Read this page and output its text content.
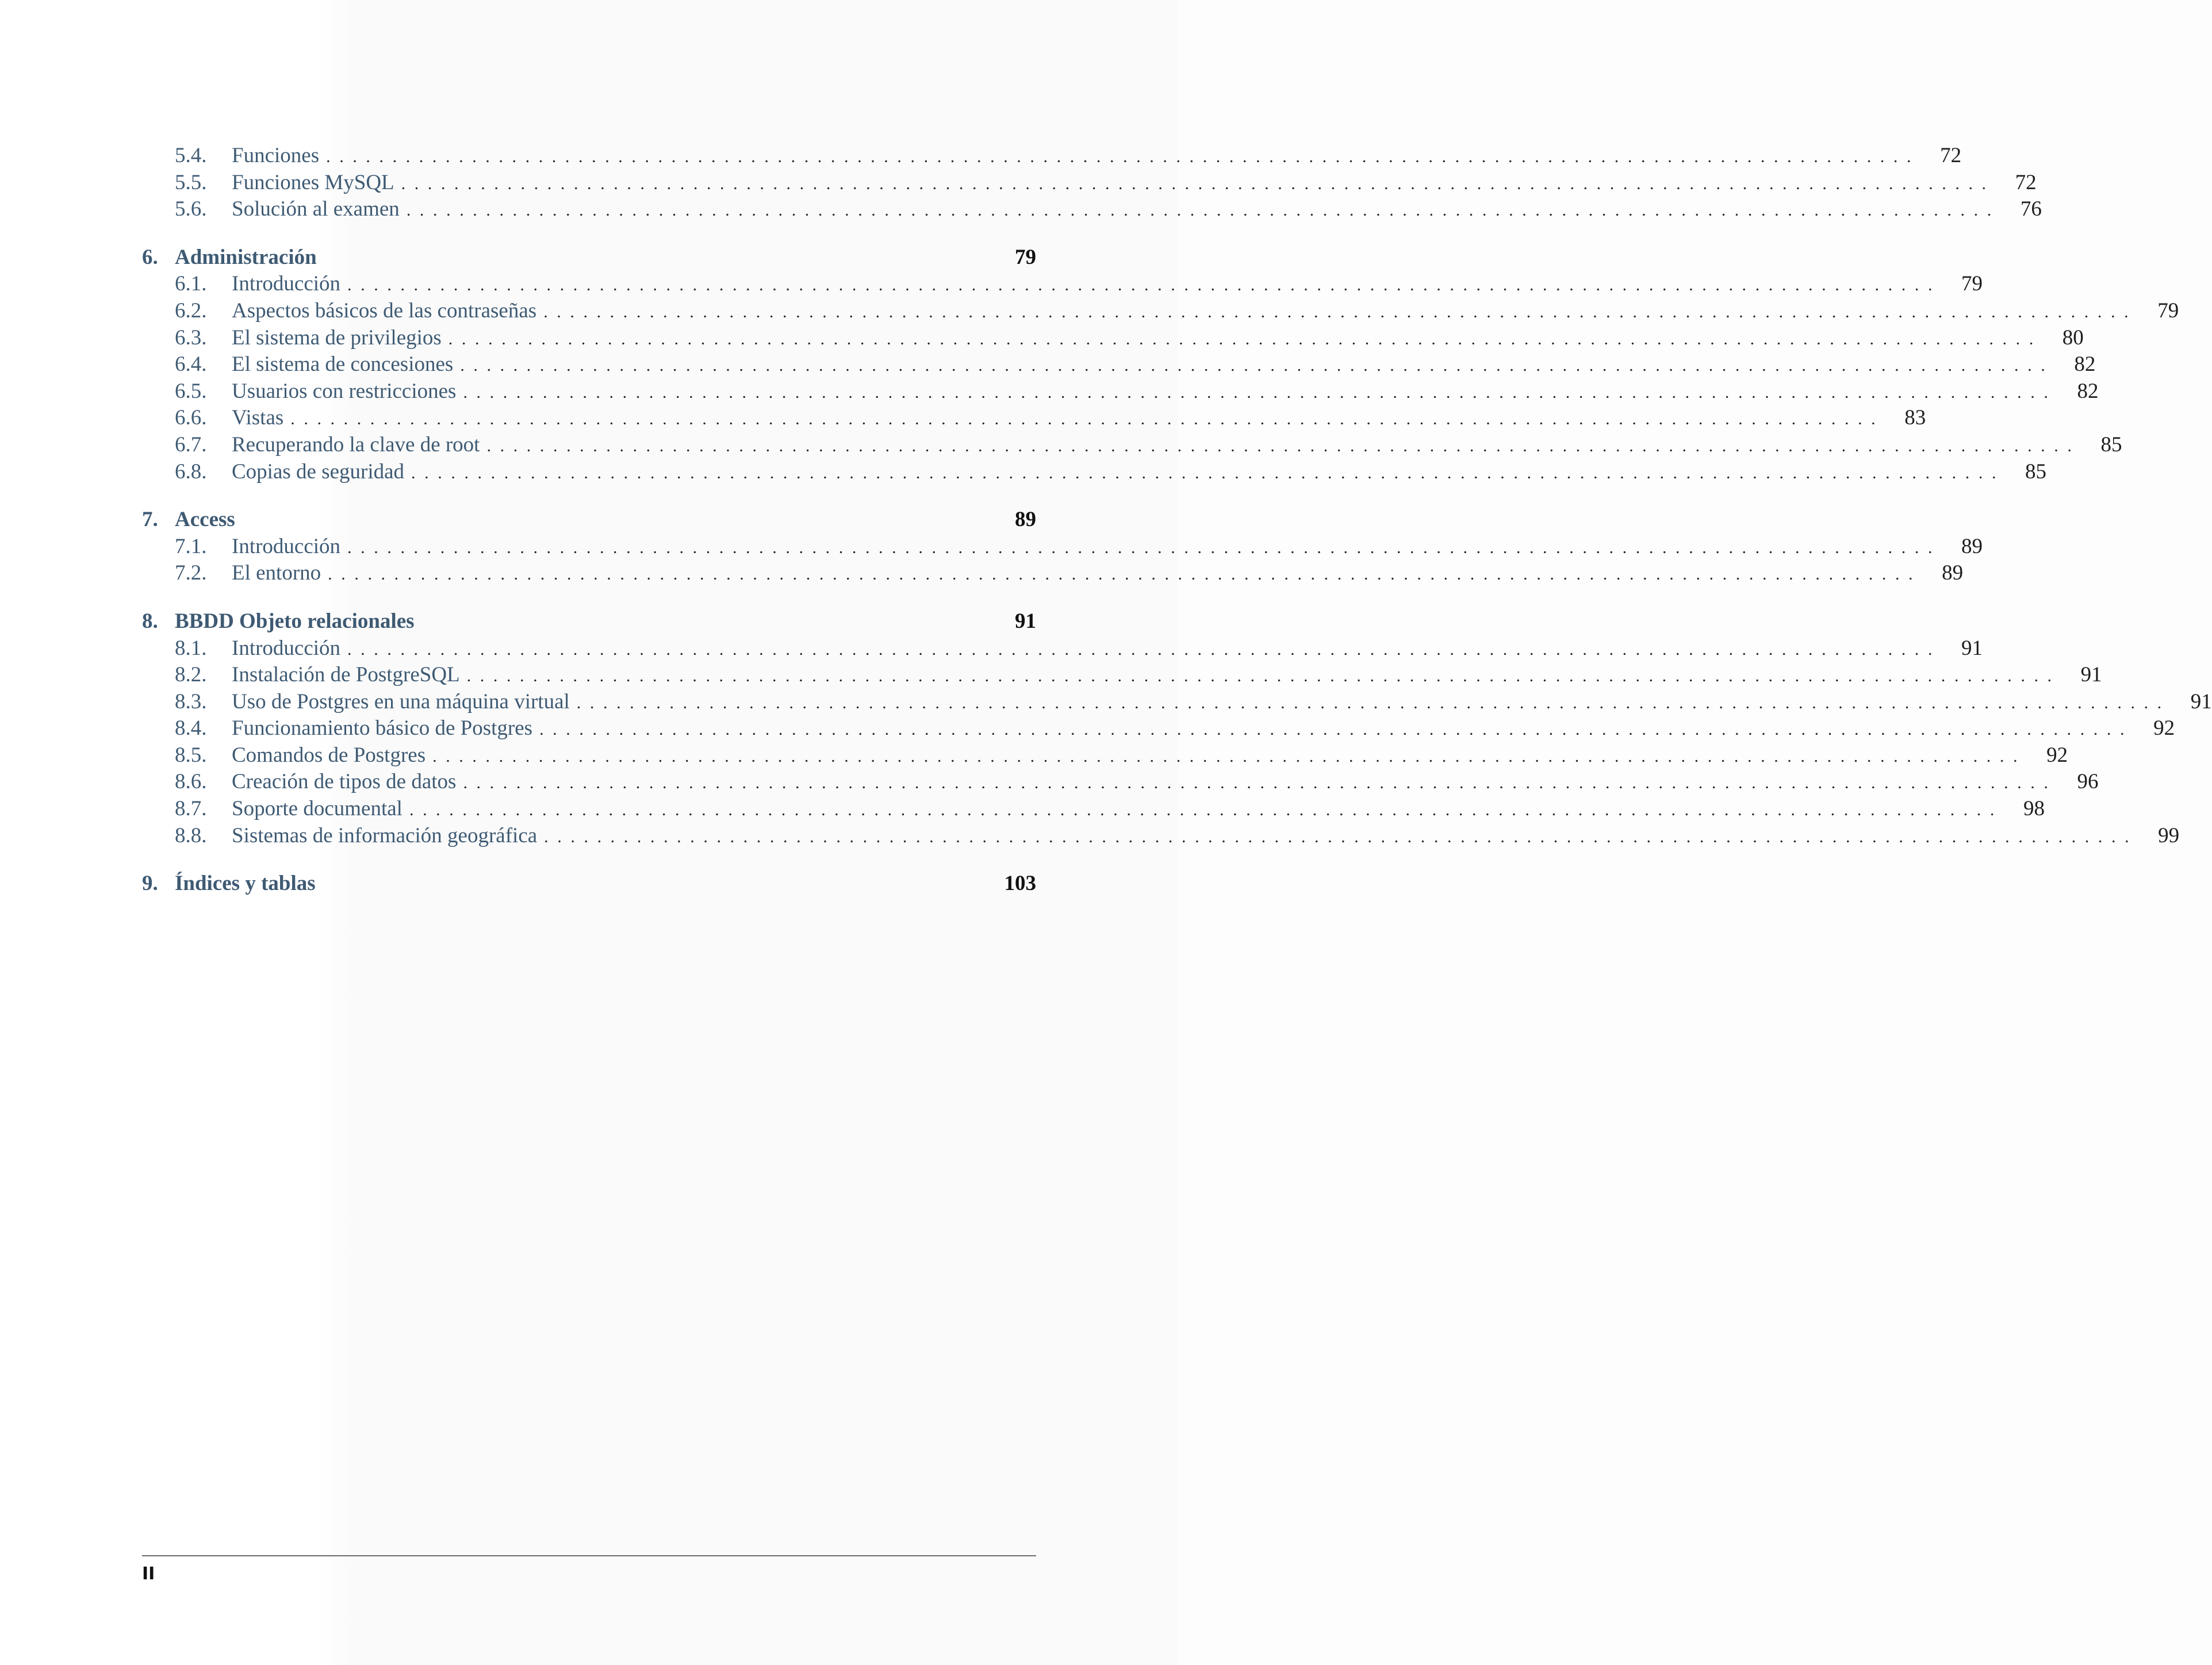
5.4.	Funciones ........................................................................................................................ 72
5.5.	Funciones MySQL ........................................................................................................................ 72
5.6.	Solución al examen ........................................................................................................................ 76
6. Administración	79
6.1.	Introducción ........................................................................................................................ 79
6.2.	Aspectos básicos de las contraseñas ........................................................................................................................ 79
6.3.	El sistema de privilegios ........................................................................................................................ 80
6.4.	El sistema de concesiones ........................................................................................................................ 82
6.5.	Usuarios con restricciones ........................................................................................................................ 82
6.6.	Vistas ........................................................................................................................ 83
6.7.	Recuperando la clave de root ........................................................................................................................ 85
6.8.	Copias de seguridad ........................................................................................................................ 85
7. Access	89
7.1.	Introducción ........................................................................................................................ 89
7.2.	El entorno ........................................................................................................................ 89
8. BBDD Objeto relacionales	91
8.1.	Introducción ........................................................................................................................ 91
8.2.	Instalación de PostgreSQL ........................................................................................................................ 91
8.3.	Uso de Postgres en una máquina virtual ........................................................................................................................ 91
8.4.	Funcionamiento básico de Postgres ........................................................................................................................ 92
8.5.	Comandos de Postgres ........................................................................................................................ 92
8.6.	Creación de tipos de datos ........................................................................................................................ 96
8.7.	Soporte documental ........................................................................................................................ 98
8.8.	Sistemas de información geográfica ........................................................................................................................ 99
9. Índices y tablas	103
II
